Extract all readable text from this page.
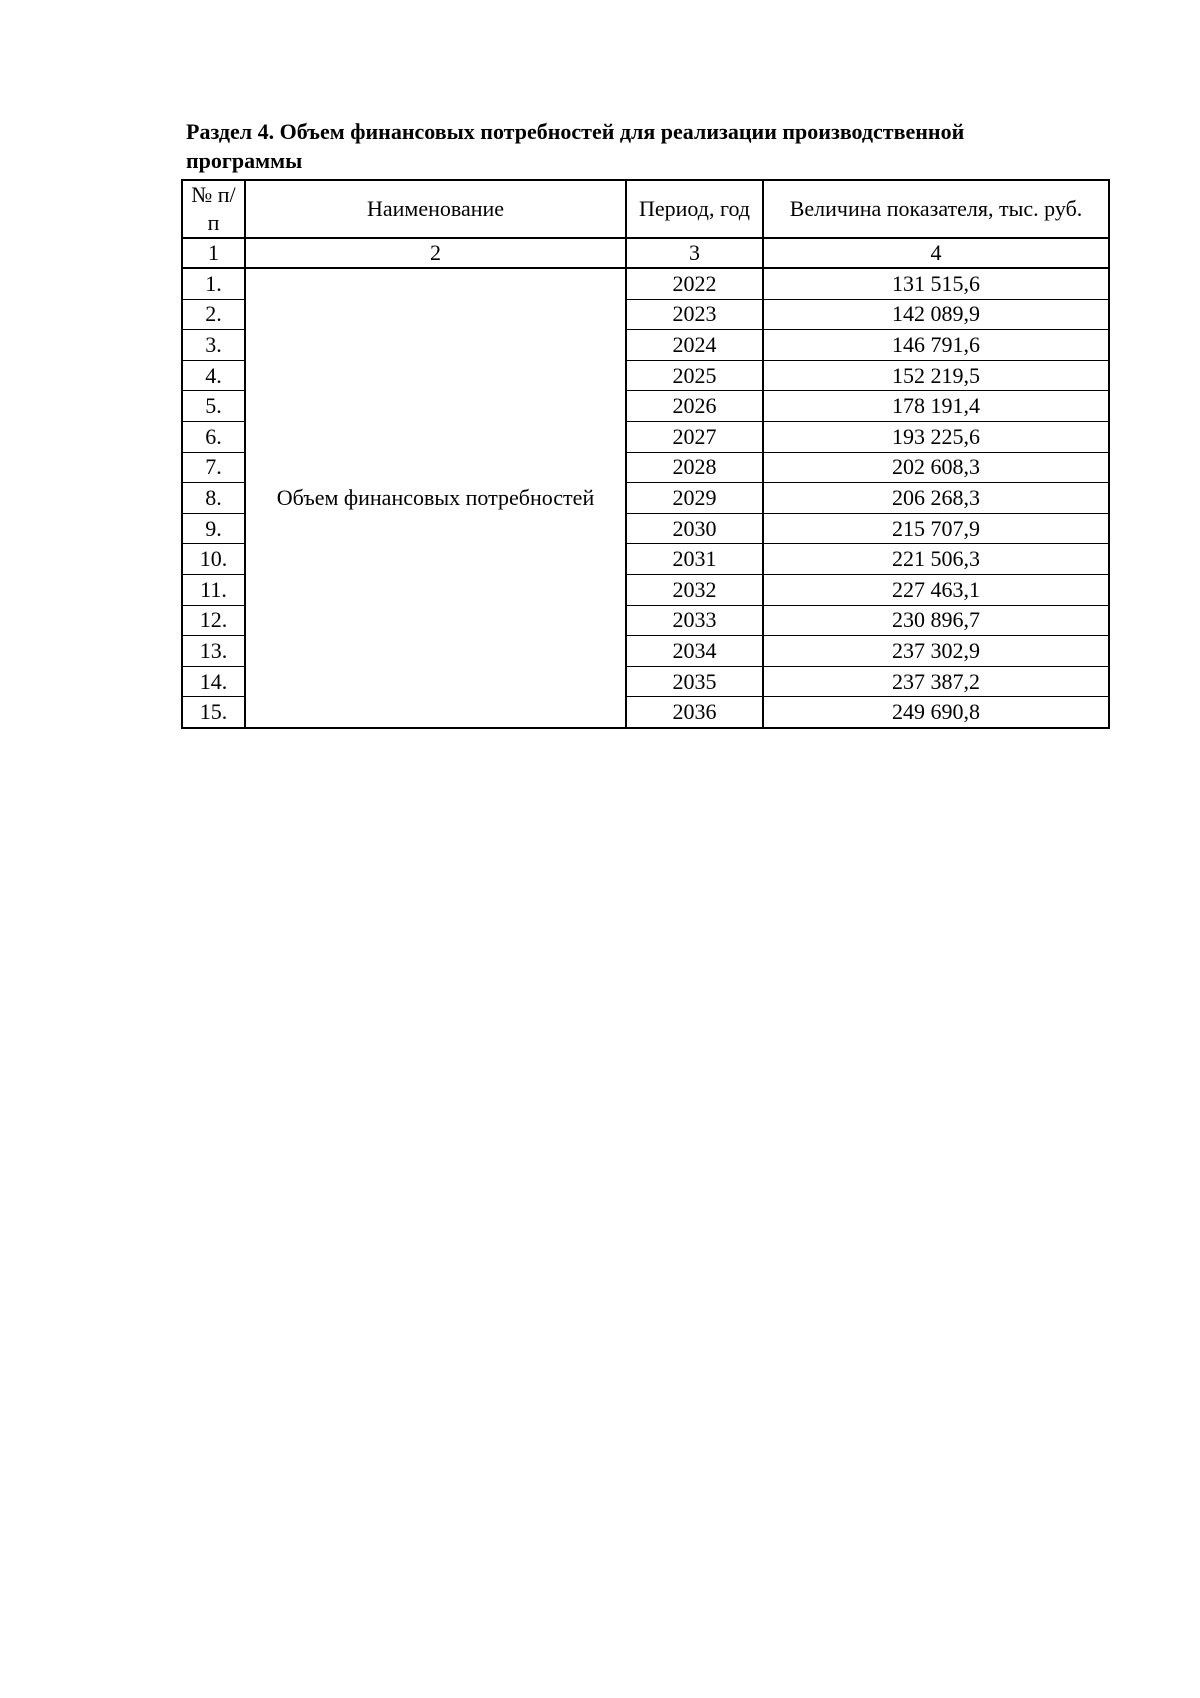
Раздел 4. Объем финансовых потребностей для реализации производственной программы
№ п/п	Наименование	Период, год	Величина показателя, тыс. руб.
1	2	3	4
1.	Объем финансовых потребностей	2022	131 515,6
2.		2023	142 089,9
3.		2024	146 791,6
4.		2025	152 219,5
5.		2026	178 191,4
6.		2027	193 225,6
7.		2028	202 608,3
8.		2029	206 268,3
9.		2030	215 707,9
10.		2031	221 506,3
11.		2032	227 463,1
12.		2033	230 896,7
13.		2034	237 302,9
14.		2035	237 387,2
15.		2036	249 690,8
